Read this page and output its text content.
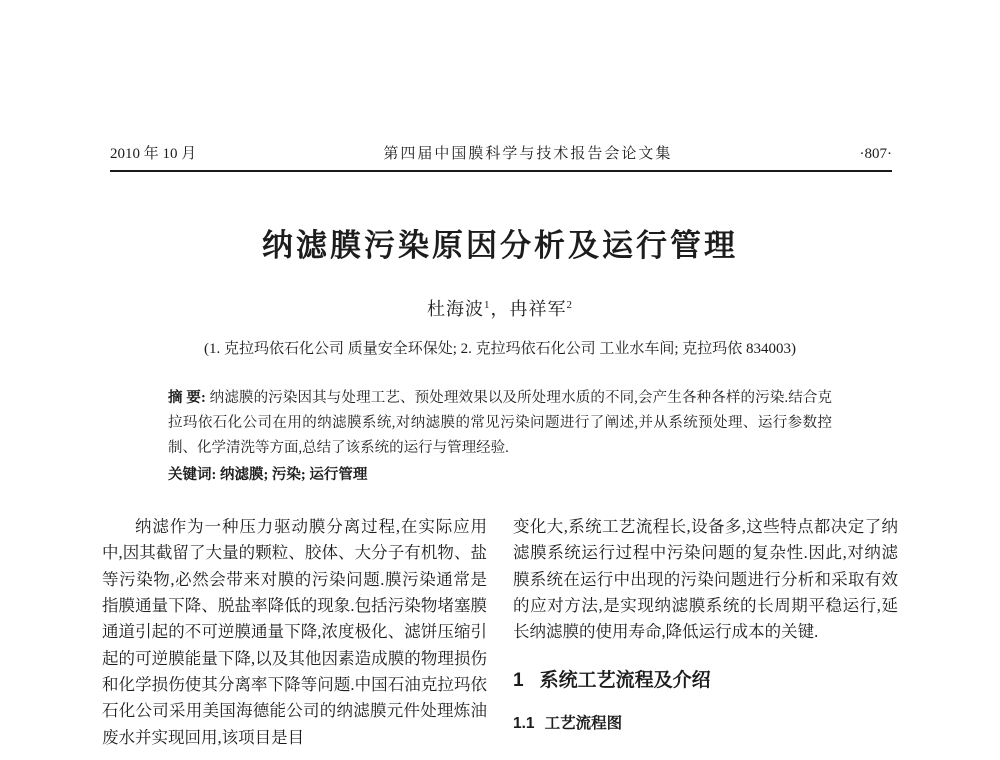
2010 年 10 月	第四届中国膜科学与技术报告会论文集	·807·
纳滤膜污染原因分析及运行管理
杜海波$^1$，冉祥军$^2$
(1. 克拉玛依石化公司 质量安全环保处; 2. 克拉玛依石化公司 工业水车间; 克拉玛依 834003)

摘 要: 纳滤膜的污染因其与处理工艺、预处理效果以及所处理水质的不同,会产生各种各样的污染.结合克拉玛依石化公司在用的纳滤膜系统,对纳滤膜的常见污染问题进行了阐述,并从系统预处理、运行参数控制、化学清洗等方面,总结了该系统的运行与管理经验.

关键词: 纳滤膜; 污染; 运行管理

纳滤作为一种压力驱动膜分离过程,在实际应用中,因其截留了大量的颗粒、胶体、大分子有机物、盐等污染物,必然会带来对膜的污染问题.膜污染通常是指膜通量下降、脱盐率降低的现象.包括污染物堵塞膜通道引起的不可逆膜通量下降,浓度极化、滤饼压缩引起的可逆膜能量下降,以及其他因素造成膜的物理损伤和化学损伤使其分离率下降等问题.中国石油克拉玛依石化公司采用美国海德能公司的纳滤膜元件处理炼油废水并实现回用,该项目是目

变化大,系统工艺流程长,设备多,这些特点都决定了纳滤膜系统运行过程中污染问题的复杂性.因此,对纳滤膜系统在运行中出现的污染问题进行分析和采取有效的应对方法,是实现纳滤膜系统的长周期平稳运行,延长纳滤膜的使用寿命,降低运行成本的关键.

1 系统工艺流程及介绍
1.1 工艺流程图
